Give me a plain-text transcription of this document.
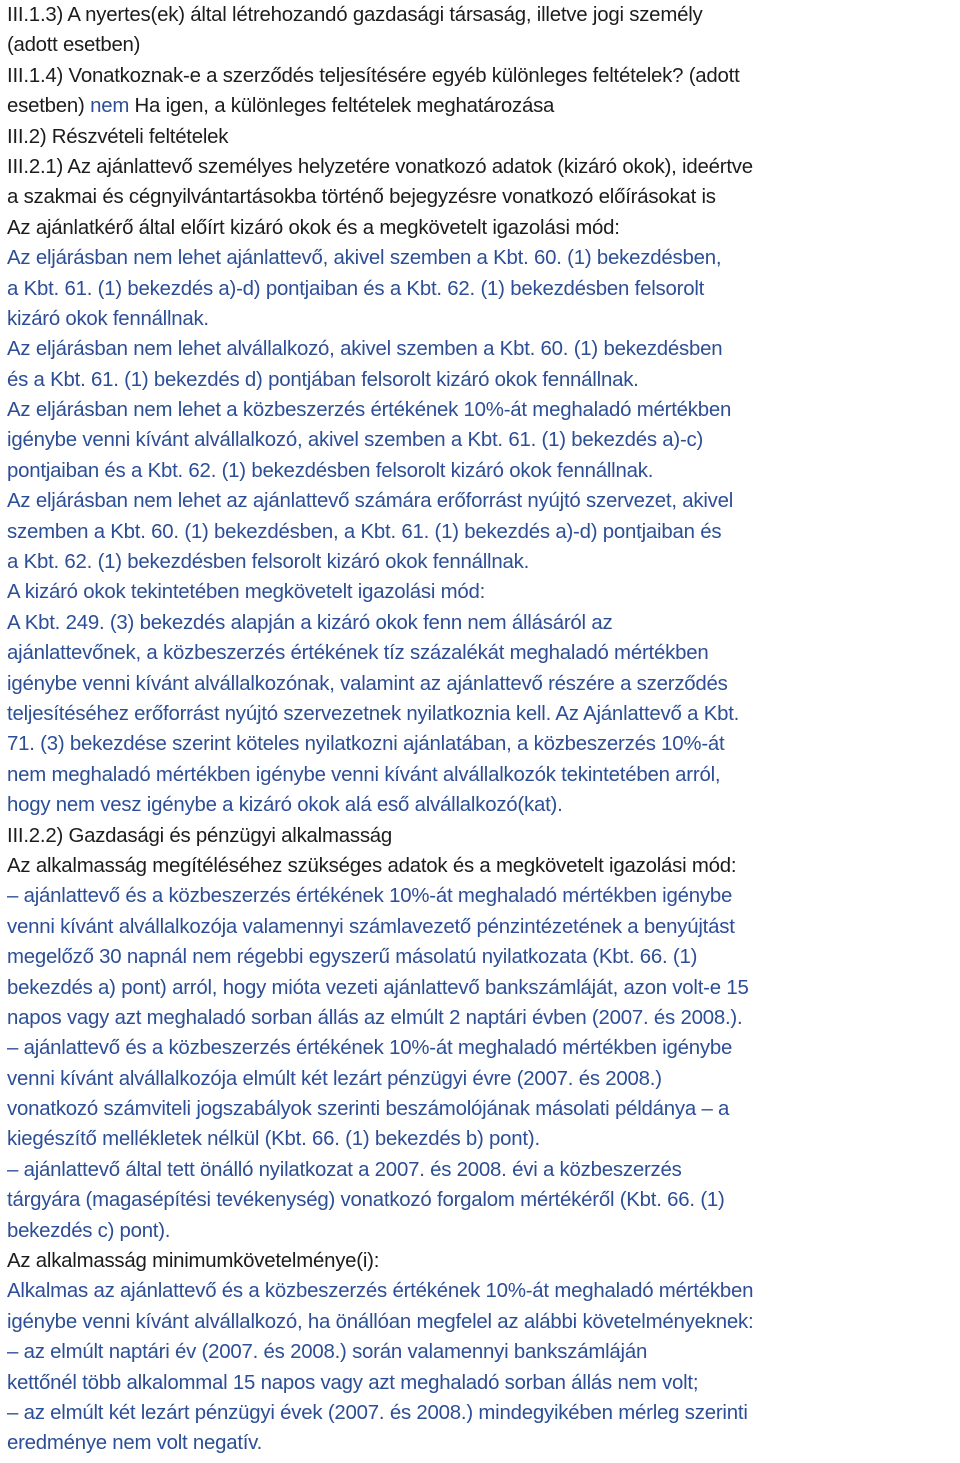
III.1.3) A nyertes(ek) által létrehozandó gazdasági társaság, illetve jogi személy
(adott esetben)
III.1.4) Vonatkoznak-e a szerződés teljesítésére egyéb különleges feltételek? (adott
esetben) nem Ha igen, a különleges feltételek meghatározása
III.2) Részvételi feltételek
III.2.1) Az ajánlattevő személyes helyzetére vonatkozó adatok (kizáró okok), ideértve
a szakmai és cégnyilvántartásokba történő bejegyzésre vonatkozó előírásokat is
Az ajánlatkérő által előírt kizáró okok és a megkövetelt igazolási mód:
Az eljárásban nem lehet ajánlattevő, akivel szemben a Kbt. 60. (1) bekezdésben,
a Kbt. 61. (1) bekezdés a)-d) pontjaiban és a Kbt. 62. (1) bekezdésben felsorolt
kizáró okok fennállnak.
Az eljárásban nem lehet alvállalkozó, akivel szemben a Kbt. 60. (1) bekezdésben
és a Kbt. 61. (1) bekezdés d) pontjában felsorolt kizáró okok fennállnak.
Az eljárásban nem lehet a közbeszerzés értékének 10%-át meghaladó mértékben
igénybe venni kívánt alvállalkozó, akivel szemben a Kbt. 61. (1) bekezdés a)-c)
pontjaiban és a Kbt. 62. (1) bekezdésben felsorolt kizáró okok fennállnak.
Az eljárásban nem lehet az ajánlattevő számára erőforrást nyújtó szervezet, akivel
szemben a Kbt. 60. (1) bekezdésben, a Kbt. 61. (1) bekezdés a)-d) pontjaiban és
a Kbt. 62. (1) bekezdésben felsorolt kizáró okok fennállnak.
A kizáró okok tekintetében megkövetelt igazolási mód:
A Kbt. 249. (3) bekezdés alapján a kizáró okok fenn nem állásáról az
ajánlattevőnek, a közbeszerzés értékének tíz százalékát meghaladó mértékben
igénybe venni kívánt alvállalkozónak, valamint az ajánlattevő részére a szerződés
teljesítéséhez erőforrást nyújtó szervezetnek nyilatkoznia kell. Az Ajánlattevő a Kbt.
71. (3) bekezdése szerint köteles nyilatkozni ajánlatában, a közbeszerzés 10%-át
nem meghaladó mértékben igénybe venni kívánt alvállalkozók tekintetében arról,
hogy nem vesz igénybe a kizáró okok alá eső alvállalkozó(kat).
III.2.2) Gazdasági és pénzügyi alkalmasság
Az alkalmasság megítéléséhez szükséges adatok és a megkövetelt igazolási mód:
– ajánlattevő és a közbeszerzés értékének 10%-át meghaladó mértékben igénybe
venni kívánt alvállalkozója valamennyi számlavezető pénzintézetének a benyújtást
megelőző 30 napnál nem régebbi egyszerű másolatú nyilatkozata (Kbt. 66. (1)
bekezdés a) pont) arról, hogy mióta vezeti ajánlattevő bankszámláját, azon volt-e 15
napos vagy azt meghaladó sorban állás az elmúlt 2 naptári évben (2007. és 2008.).
– ajánlattevő és a közbeszerzés értékének 10%-át meghaladó mértékben igénybe
venni kívánt alvállalkozója elmúlt két lezárt pénzügyi évre (2007. és 2008.)
vonatkozó számviteli jogszabályok szerinti beszámolójának másolati példánya – a
kiegészítő mellékletek nélkül (Kbt. 66. (1) bekezdés b) pont).
– ajánlattevő által tett önálló nyilatkozat a 2007. és 2008. évi a közbeszerzés
tárgyára (magasépítési tevékenység) vonatkozó forgalom mértékéről (Kbt. 66. (1)
bekezdés c) pont).
Az alkalmasság minimumkövetelménye(i):
Alkalmas az ajánlattevő és a közbeszerzés értékének 10%-át meghaladó mértékben
igénybe venni kívánt alvállalkozó, ha önállóan megfelel az alábbi követelményeknek:
– az elmúlt naptári év (2007. és 2008.) során valamennyi bankszámláján
kettőnél több alkalommal 15 napos vagy azt meghaladó sorban állás nem volt;
– az elmúlt két lezárt pénzügyi évek (2007. és 2008.) mindegyikében mérleg szerinti
eredménye nem volt negatív.
